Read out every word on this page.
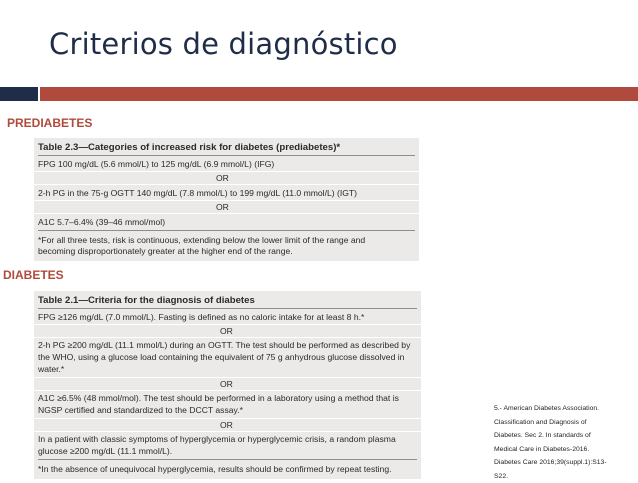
Criterios de diagnóstico
PREDIABETES
Table 2.3—Categories of increased risk for diabetes (prediabetes)*
FPG 100 mg/dL (5.6 mmol/L) to 125 mg/dL (6.9 mmol/L) (IFG)
OR
2-h PG in the 75-g OGTT 140 mg/dL (7.8 mmol/L) to 199 mg/dL (11.0 mmol/L) (IGT)
OR
A1C 5.7–6.4% (39–46 mmol/mol)
*For all three tests, risk is continuous, extending below the lower limit of the range and
becoming disproportionately greater at the higher end of the range.
DIABETES
Table 2.1—Criteria for the diagnosis of diabetes
FPG ≥126 mg/dL (7.0 mmol/L). Fasting is defined as no caloric intake for at least 8 h.*
OR
2-h PG ≥200 mg/dL (11.1 mmol/L) during an OGTT. The test should be performed as described by
the WHO, using a glucose load containing the equivalent of 75 g anhydrous glucose dissolved in
water.*
OR
A1C ≥6.5% (48 mmol/mol). The test should be performed in a laboratory using a method that is
NGSP certified and standardized to the DCCT assay.*
OR
In a patient with classic symptoms of hyperglycemia or hyperglycemic crisis, a random plasma
glucose ≥200 mg/dL (11.1 mmol/L).
*In the absence of unequivocal hyperglycemia, results should be confirmed by repeat testing.
5.- American Diabetes Association.
Classification and Diagnosis of
Diabetes. Sec 2. In standards of
Medical Care in Diabetes-2016.
Diabetes Care 2016;39(suppl.1):S13-
S22.
